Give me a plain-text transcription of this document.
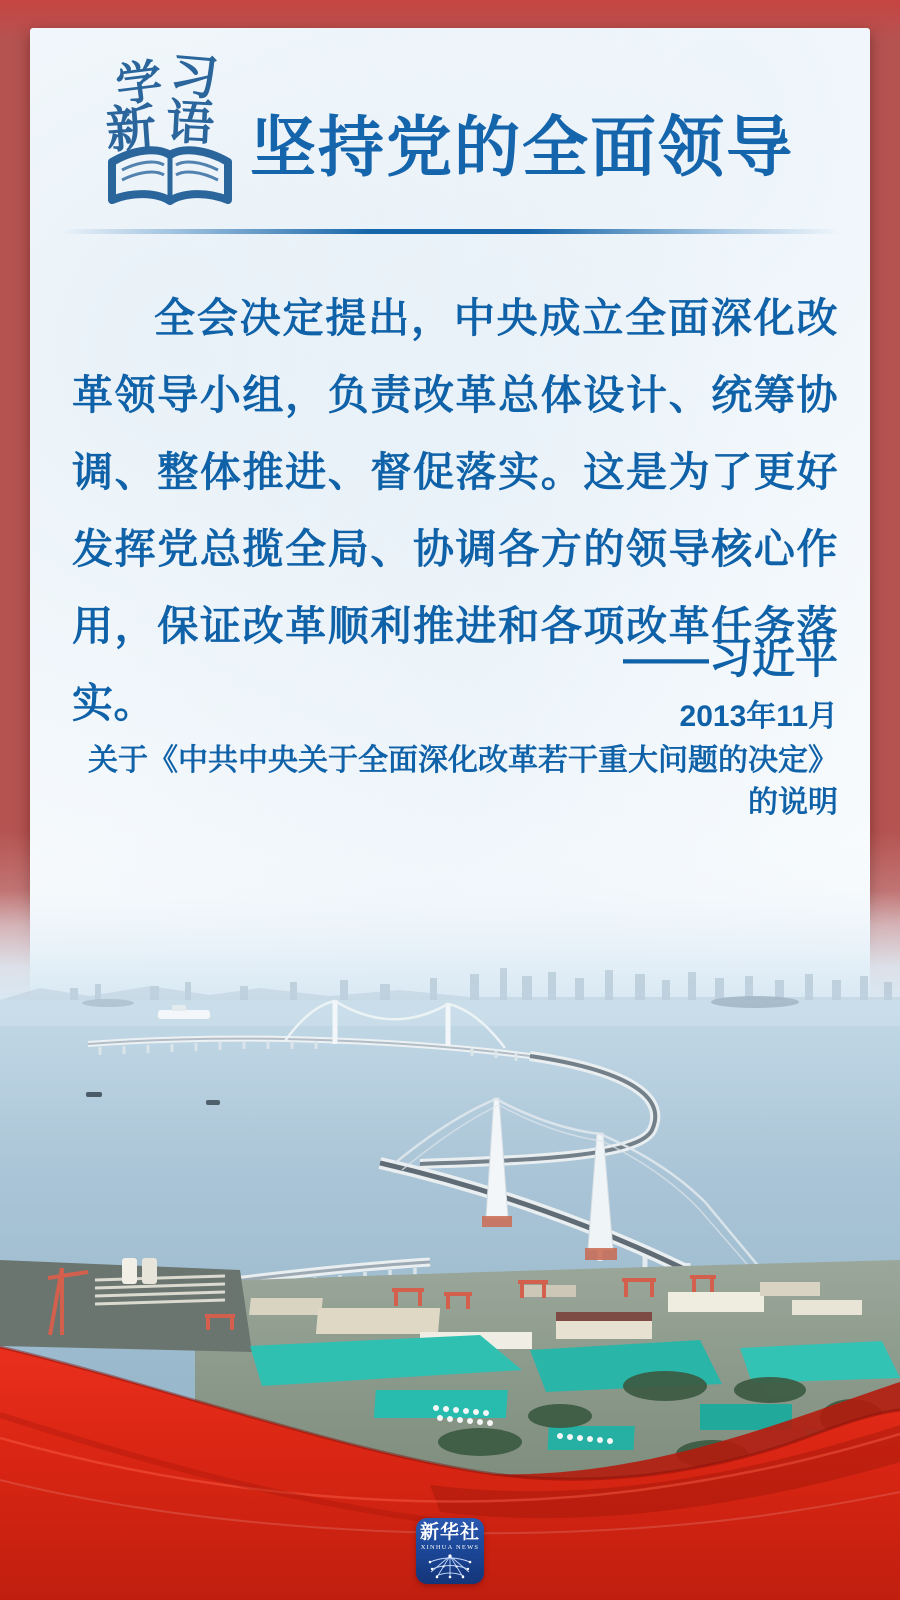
学 习
新 语 坚持党的全面领导
全会决定提出，中央成立全面深化改革领导小组，负责改革总体设计、统筹协调、整体推进、督促落实。这是为了更好发挥党总揽全局、协调各方的领导核心作用，保证改革顺利推进和各项改革任务落实。
——习近平
2013年11月
关于《中共中央关于全面深化改革若干重大问题的决定》
的说明
新华社
XINHUA NEWS
